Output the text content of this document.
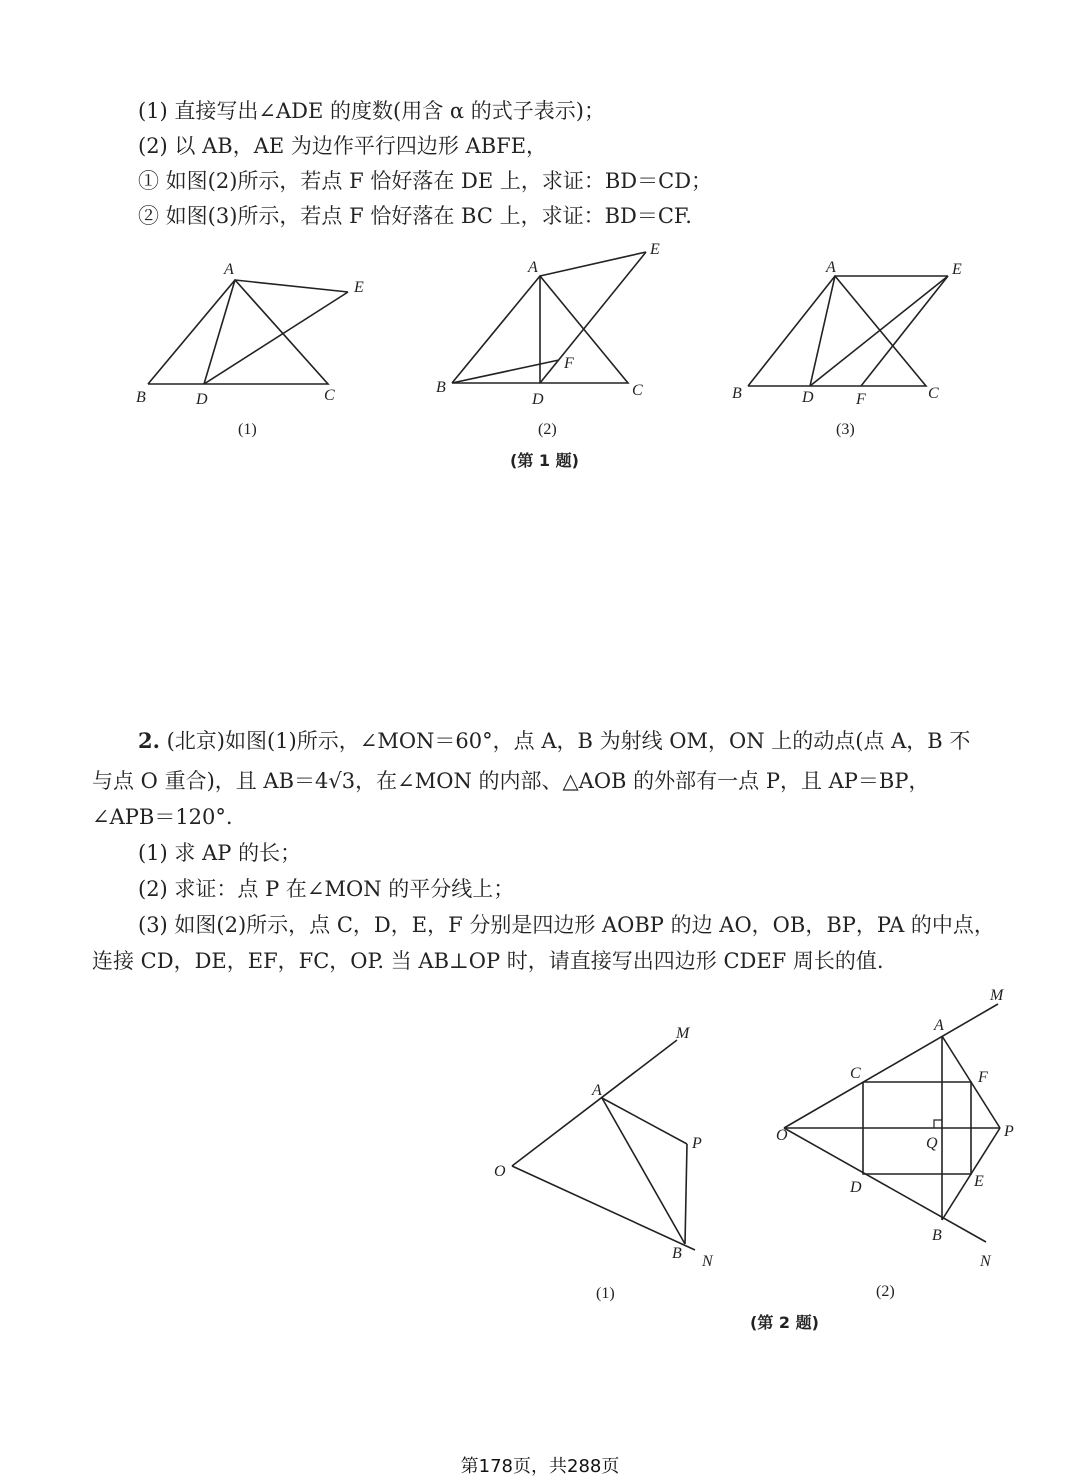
(1) 直接写出∠ADE 的度数(用含 α 的式子表示)；
(2) 以 AB，AE 为边作平行四边形 ABFE，
① 如图(2)所示，若点 F 恰好落在 DE 上，求证：BD＝CD；
② 如图(3)所示，若点 F 恰好落在 BC 上，求证：BD＝CF.
A
E
B	D	C
(1)
A
E
F
B
D
C
(2)
A	E
B	D	F	C
(3)
(第 1 题)
2. (北京)如图(1)所示，∠MON＝60°，点 A，B 为射线 OM，ON 上的动点(点 A，B 不
与点 O 重合)，且 AB＝4√3，在∠MON 的内部、△AOB 的外部有一点 P，且 AP＝BP，
∠APB＝120°.
(1) 求 AP 的长；
(2) 求证：点 P 在∠MON 的平分线上；
(3) 如图(2)所示，点 C，D，E，F 分别是四边形 AOBP 的边 AO，OB，BP，PA 的中点，
连接 CD，DE，EF，FC，OP. 当 AB⊥OP 时，请直接写出四边形 CDEF 周长的值.
M
A
P
O
B N
(1)
O
A
M
C	F
P
Q
E
D
B
N
(2)
(第 2 题)
第178页，共288页
